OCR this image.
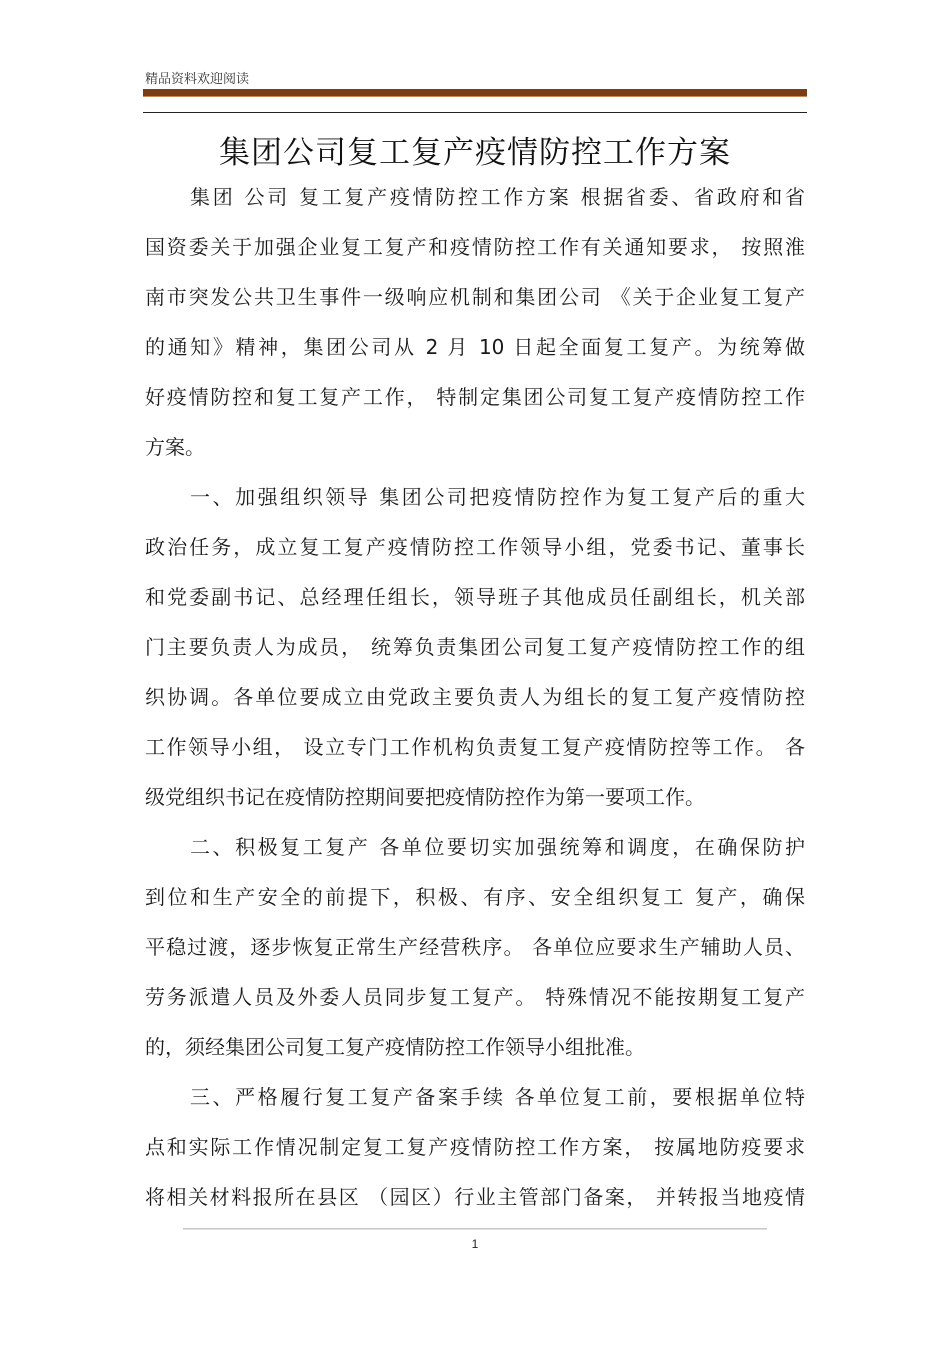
精品资料欢迎阅读
集团公司复工复产疫情防控工作方案
集团 公司 复工复产疫情防控工作方案 根据省委、省政府和省
国资委关于加强企业复工复产和疫情防控工作有关通知要求， 按照淮
南市突发公共卫生事件一级响应机制和集团公司 《关于企业复工复产
的通知》精神，集团公司从 2 月 10 日起全面复工复产。为统筹做
好疫情防控和复工复产工作， 特制定集团公司复工复产疫情防控工作
方案。
一、加强组织领导 集团公司把疫情防控作为复工复产后的重大
政治任务，成立复工复产疫情防控工作领导小组，党委书记、董事长
和党委副书记、总经理任组长，领导班子其他成员任副组长，机关部
门主要负责人为成员， 统筹负责集团公司复工复产疫情防控工作的组
织协调。各单位要成立由党政主要负责人为组长的复工复产疫情防控
工作领导小组， 设立专门工作机构负责复工复产疫情防控等工作。 各
级党组织书记在疫情防控期间要把疫情防控作为第一要项工作。
二、积极复工复产 各单位要切实加强统筹和调度，在确保防护
到位和生产安全的前提下，积极、有序、安全组织复工 复产，确保
平稳过渡，逐步恢复正常生产经营秩序。 各单位应要求生产辅助人员、
劳务派遣人员及外委人员同步复工复产。 特殊情况不能按期复工复产
的，须经集团公司复工复产疫情防控工作领导小组批准。
三、严格履行复工复产备案手续 各单位复工前，要根据单位特
点和实际工作情况制定复工复产疫情防控工作方案， 按属地防疫要求
将相关材料报所在县区 （园区）行业主管部门备案， 并转报当地疫情
1
